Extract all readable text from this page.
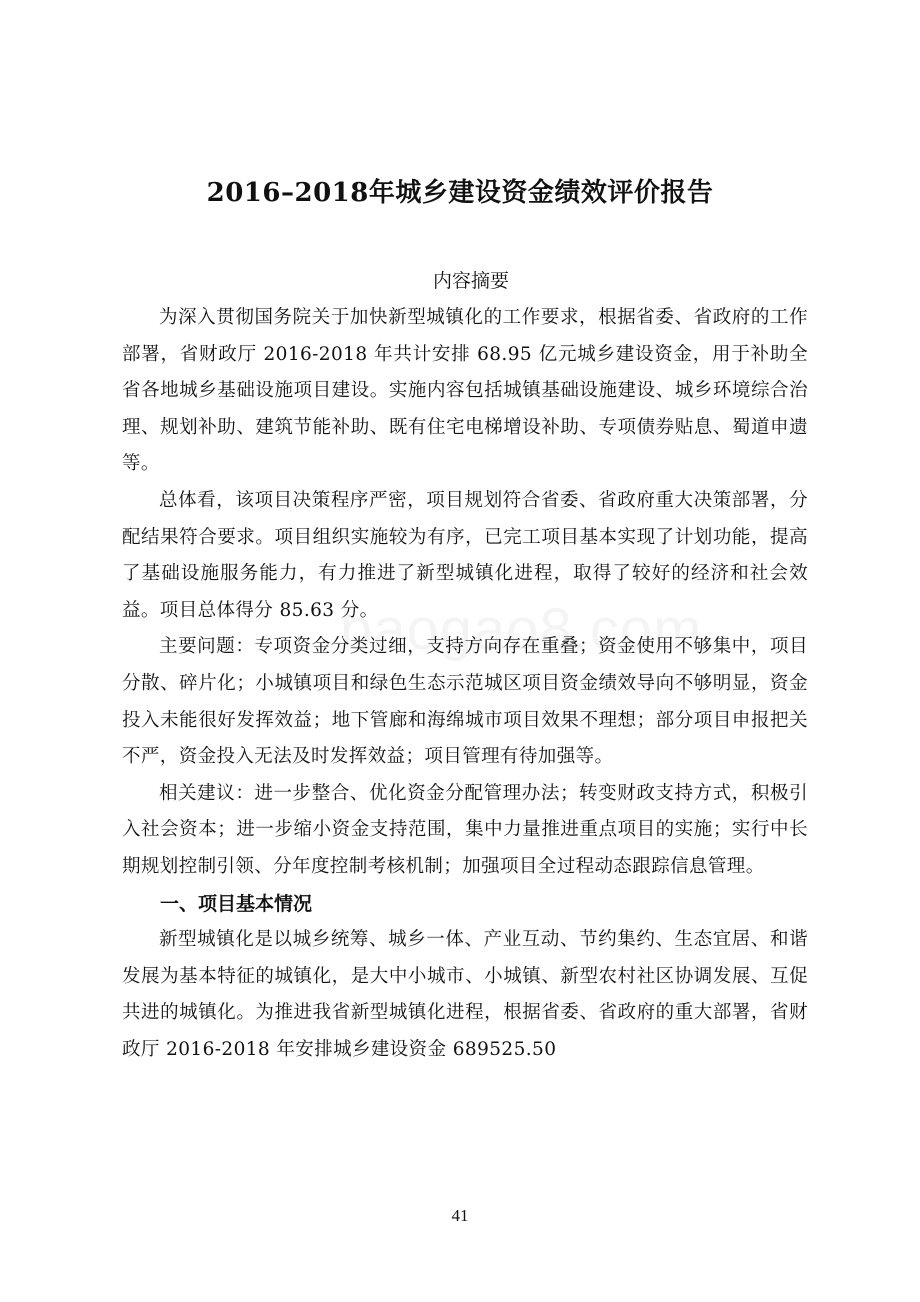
2016–2018年城乡建设资金绩效评价报告

内容摘要

为深入贯彻国务院关于加快新型城镇化的工作要求，根据省委、省政府的工作部署，省财政厅 2016-2018 年共计安排 68.95 亿元城乡建设资金，用于补助全省各地城乡基础设施项目建设。实施内容包括城镇基础设施建设、城乡环境综合治理、规划补助、建筑节能补助、既有住宅电梯增设补助、专项债券贴息、蜀道申遗等。

总体看，该项目决策程序严密，项目规划符合省委、省政府重大决策部署，分配结果符合要求。项目组织实施较为有序，已完工项目基本实现了计划功能，提高了基础设施服务能力，有力推进了新型城镇化进程，取得了较好的经济和社会效益。项目总体得分 85.63 分。

主要问题：专项资金分类过细，支持方向存在重叠；资金使用不够集中，项目分散、碎片化；小城镇项目和绿色生态示范城区项目资金绩效导向不够明显，资金投入未能很好发挥效益；地下管廊和海绵城市项目效果不理想；部分项目申报把关不严，资金投入无法及时发挥效益；项目管理有待加强等。

相关建议：进一步整合、优化资金分配管理办法；转变财政支持方式，积极引入社会资本；进一步缩小资金支持范围，集中力量推进重点项目的实施；实行中长期规划控制引领、分年度控制考核机制；加强项目全过程动态跟踪信息管理。

一、项目基本情况

新型城镇化是以城乡统筹、城乡一体、产业互动、节约集约、生态宜居、和谐发展为基本特征的城镇化，是大中小城市、小城镇、新型农村社区协调发展、互促共进的城镇化。为推进我省新型城镇化进程，根据省委、省政府的重大部署，省财政厅 2016-2018 年安排城乡建设资金 689525.50

41
